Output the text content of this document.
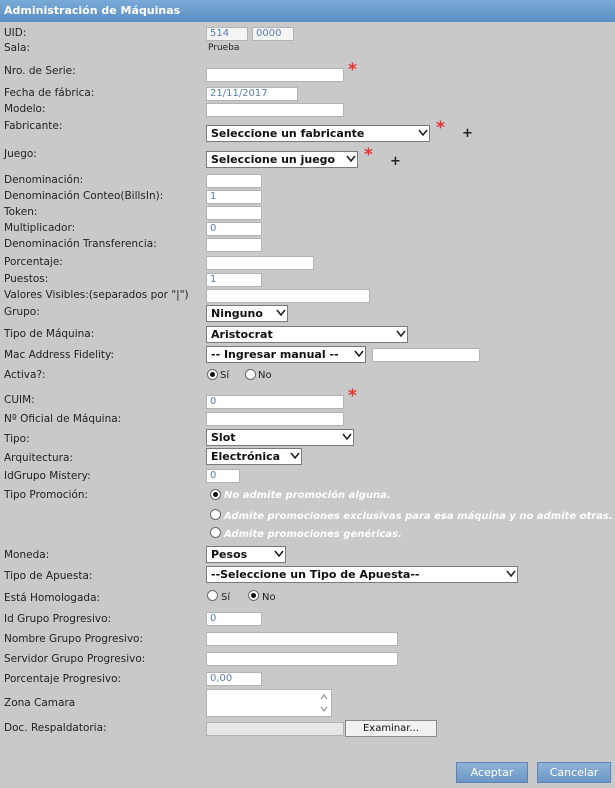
Administración de Máquinas
UID:	514	0000
Sala:	Prueba
Nro. de Serie:	*
Fecha de fábrica:	21/11/2017
Modelo:
Fabricante:
Seleccione un fabricante	* +
Juego:	Seleccione un juego	* +
Denominación:
Denominación Conteo(BillsIn):	1
Token:
Multiplicador:	0
Denominación Transferencia:
Porcentaje:
Puestos:	1
Valores Visibles:(separados por "|")
Grupo:	Ninguno
Tipo de Máquina:	Aristocrat
Mac Address Fidelity:	-- Ingresar manual --
Activa?:	Sí	No
CUIM:	0	*
Nº Oficial de Máquina:
Tipo:	Slot
Arquitectura:	Electrónica
IdGrupo Mistery:	0
Tipo Promoción:	No admite promoción alguna.
Admite promociones exclusivas para esa máquina y no admite otras.
Admite promociones genéricas.
Moneda:	Pesos
Tipo de Apuesta:	--Seleccione un Tipo de Apuesta--
Está Homologada:	Sí	No
Id Grupo Progresivo:	0
Nombre Grupo Progresivo:
Servidor Grupo Progresivo:
Porcentaje Progresivo:	0,00
Zona Camara
Doc. Respaldatoria:	Examinar...
Aceptar	Cancelar
